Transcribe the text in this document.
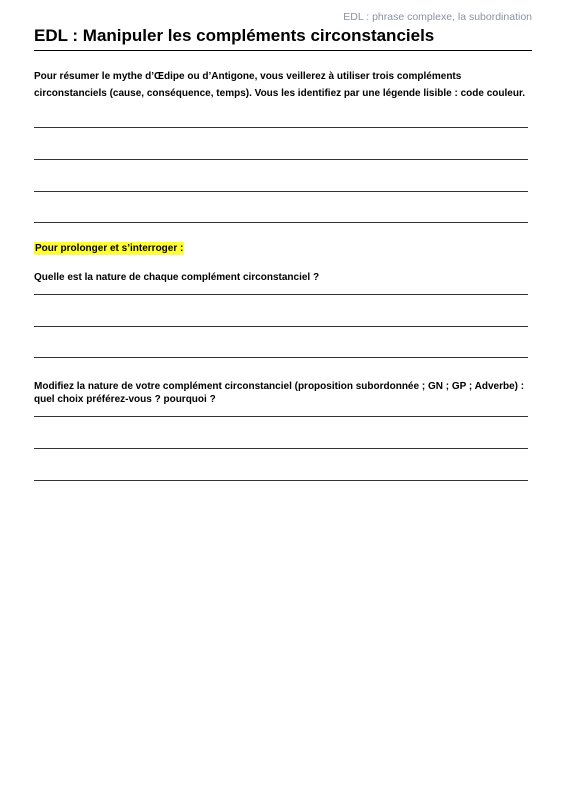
EDL : phrase complexe, la subordination
EDL : Manipuler les compléments circonstanciels

Pour résumer le mythe d’Œdipe ou d’Antigone, vous veillerez à utiliser trois compléments circonstanciels (cause, conséquence, temps). Vous les identifiez par une légende lisible : code couleur.

Pour prolonger et s’interroger :

Quelle est la nature de chaque complément circonstanciel ?

Modifiez la nature de votre complément circonstanciel (proposition subordonnée ; GN ; GP ; Adverbe) :
quel choix préférez-vous ? pourquoi ?
